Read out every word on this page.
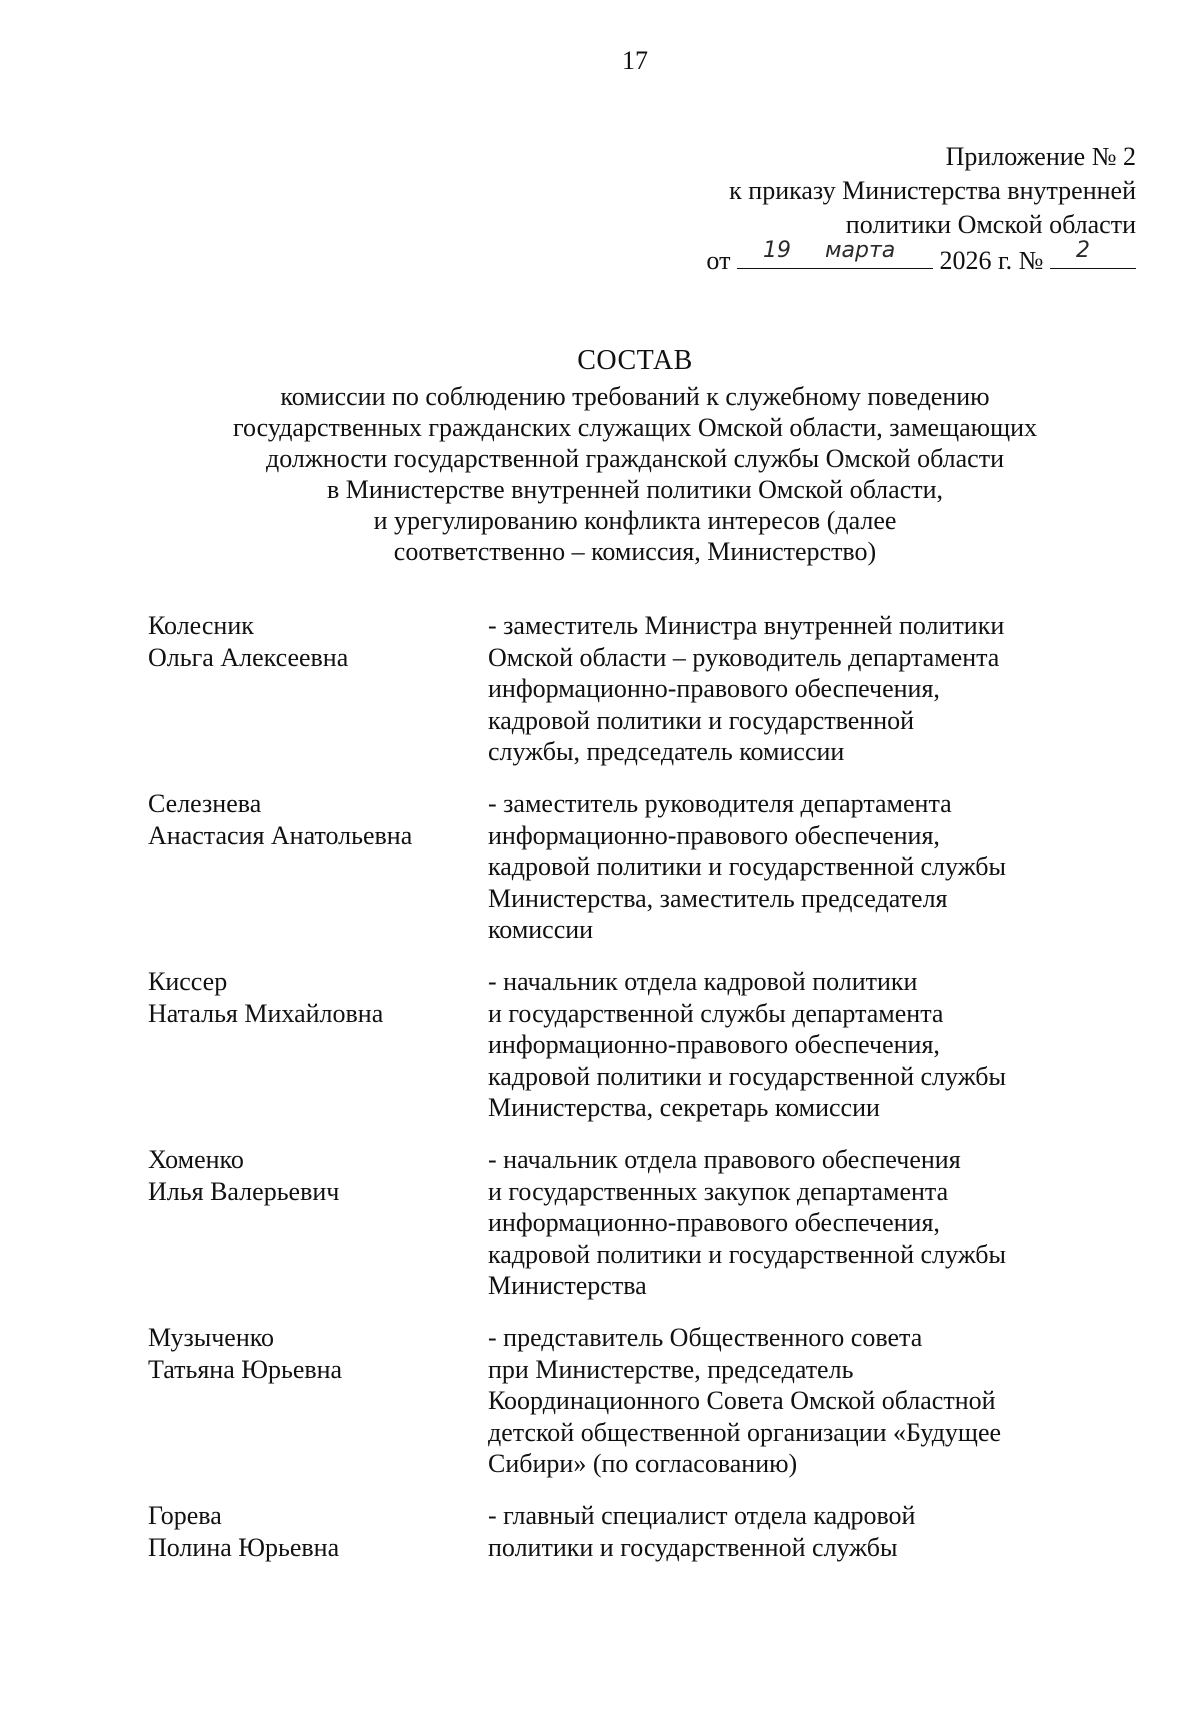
17
Приложение № 2
к приказу Министерства внутренней
политики Омской области
от 19 марта 2026 г. № 2
СОСТАВ
комиссии по соблюдению требований к служебному поведению
государственных гражданских служащих Омской области, замещающих
должности государственной гражданской службы Омской области
в Министерстве внутренней политики Омской области,
и урегулированию конфликта интересов (далее
соответственно – комиссия, Министерство)
Колесник
Ольга Алексеевна
- заместитель Министра внутренней политики
Омской области – руководитель департамента
информационно-правового обеспечения,
кадровой политики и государственной
службы, председатель комиссии
Селезнева
Анастасия Анатольевна
- заместитель руководителя департамента
информационно-правового обеспечения,
кадровой политики и государственной службы
Министерства, заместитель председателя
комиссии
Киссер
Наталья Михайловна
- начальник отдела кадровой политики
и государственной службы департамента
информационно-правового обеспечения,
кадровой политики и государственной службы
Министерства, секретарь комиссии
Хоменко
Илья Валерьевич
- начальник отдела правового обеспечения
и государственных закупок департамента
информационно-правового обеспечения,
кадровой политики и государственной службы
Министерства
Музыченко
Татьяна Юрьевна
- представитель Общественного совета
при Министерстве, председатель
Координационного Совета Омской областной
детской общественной организации «Будущее
Сибири» (по согласованию)
Горева
Полина Юрьевна
- главный специалист отдела кадровой
политики и государственной службы
